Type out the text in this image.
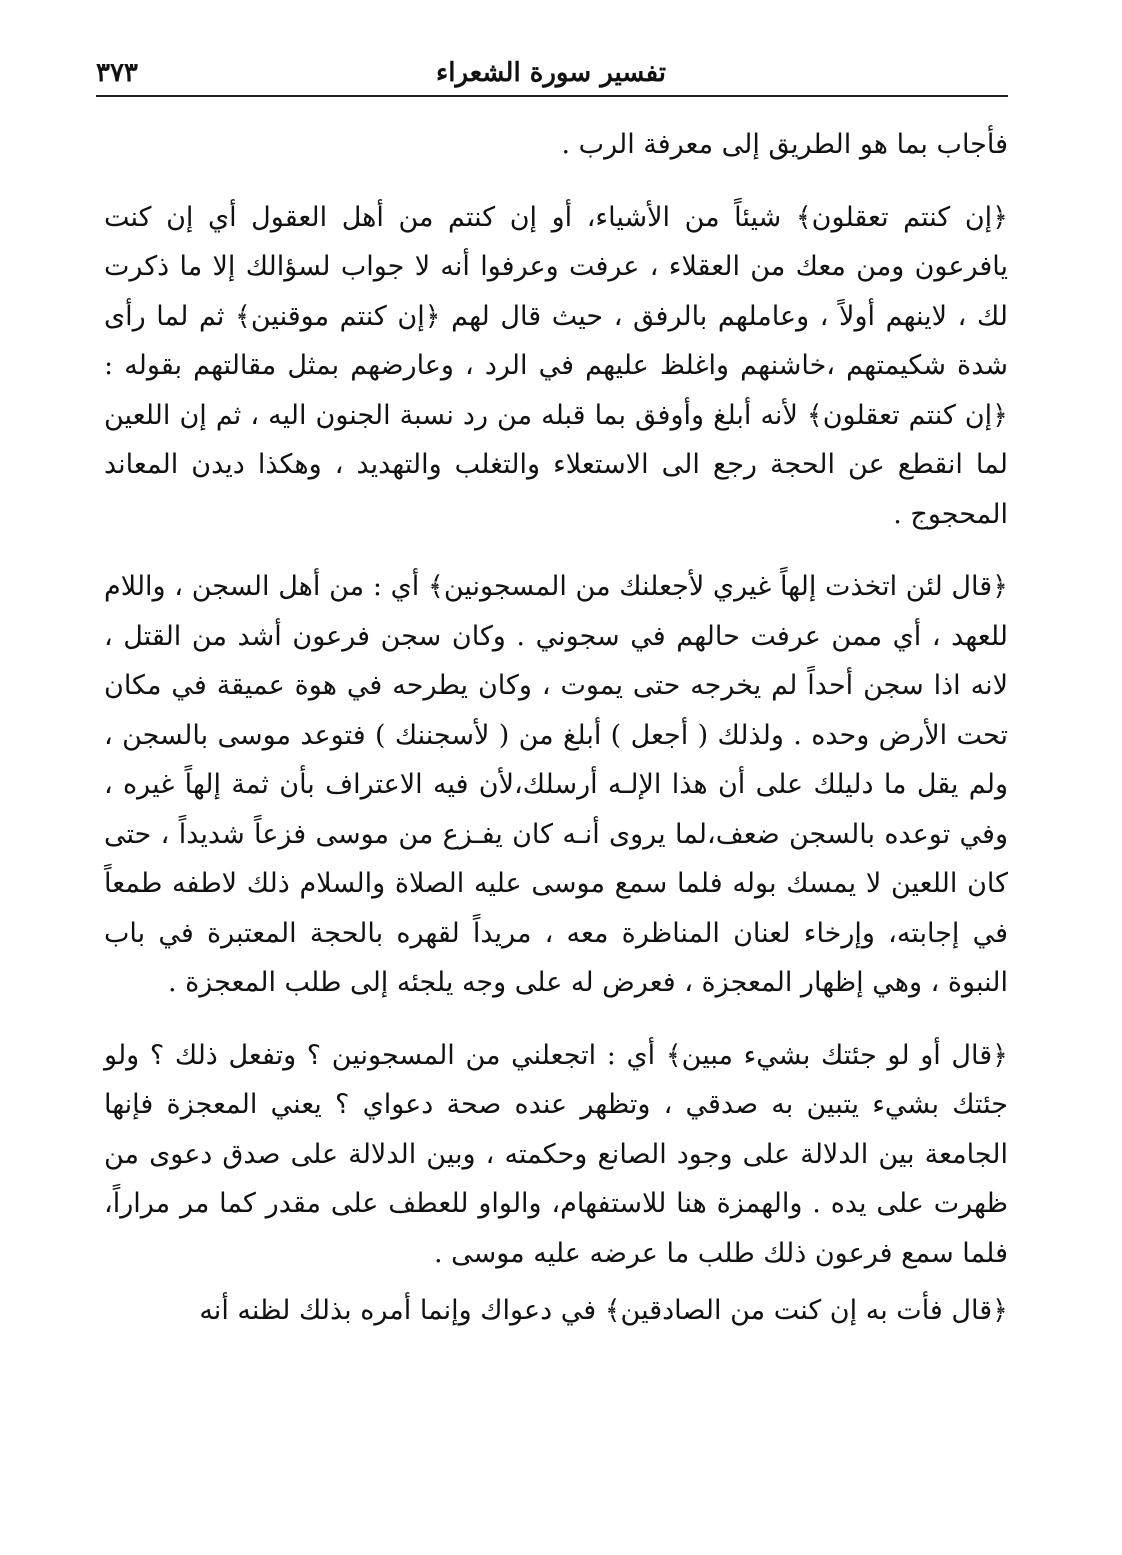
تفسير سورة الشعراء
٣٧٣

فأجاب بما هو الطريق إلى معرفة الرب .

﴿إن كنتم تعقلون﴾ شيئاً من الأشياء، أو إن كنتم من أهل العقول أي إن كنت يافرعون ومن معك من العقلاء ، عرفت وعرفوا أنه لا جواب لسؤالك إلا ما ذكرت لك ، لاينهم أولاً ، وعاملهم بالرفق ، حيث قال لهم ﴿إن كنتم موقنين﴾ ثم لما رأى شدة شكيمتهم ،خاشنهم واغلظ عليهم في الرد ، وعارضهم بمثل مقالتهم بقوله : ﴿إن كنتم تعقلون﴾ لأنه أبلغ وأوفق بما قبله من رد نسبة الجنون اليه ، ثم إن اللعين لما انقطع عن الحجة رجع الى الاستعلاء والتغلب والتهديد ، وهكذا ديدن المعاند المحجوج .

﴿قال لئن اتخذت إلهاً غيري لأجعلنك من المسجونين﴾ أي : من أهل السجن ، واللام للعهد ، أي ممن عرفت حالهم في سجوني . وكان سجن فرعون أشد من القتل ، لانه اذا سجن أحداً لم يخرجه حتى يموت ، وكان يطرحه في هوة عميقة في مكان تحت الأرض وحده . ولذلك ( أجعل ) أبلغ من ( لأسجننك ) فتوعد موسى بالسجن ، ولم يقل ما دليلك على أن هذا الإلـه أرسلك،لأن فيه الاعتراف بأن ثمة إلهاً غيره ، وفي توعده بالسجن ضعف،لما يروى أنـه كان يفـزع من موسى فزعاً شديداً ، حتى كان اللعين لا يمسك بوله فلما سمع موسى عليه الصلاة والسلام ذلك لاطفه طمعاً في إجابته، وإرخاء لعنان المناظرة معه ، مريداً لقهره بالحجة المعتبرة في باب النبوة ، وهي إظهار المعجزة ، فعرض له على وجه يلجئه إلى طلب المعجزة .

﴿قال أو لو جئتك بشيء مبين﴾ أي : اتجعلني من المسجونين ؟ وتفعل ذلك ؟ ولو جئتك بشيء يتبين به صدقي ، وتظهر عنده صحة دعواي ؟ يعني المعجزة فإنها الجامعة بين الدلالة على وجود الصانع وحكمته ، وبين الدلالة على صدق دعوى من ظهرت على يده . والهمزة هنا للاستفهام، والواو للعطف على مقدر كما مر مراراً، فلما سمع فرعون ذلك طلب ما عرضه عليه موسى .

﴿قال فأت به إن كنت من الصادقين﴾ في دعواك وإنما أمره بذلك لظنه أنه
